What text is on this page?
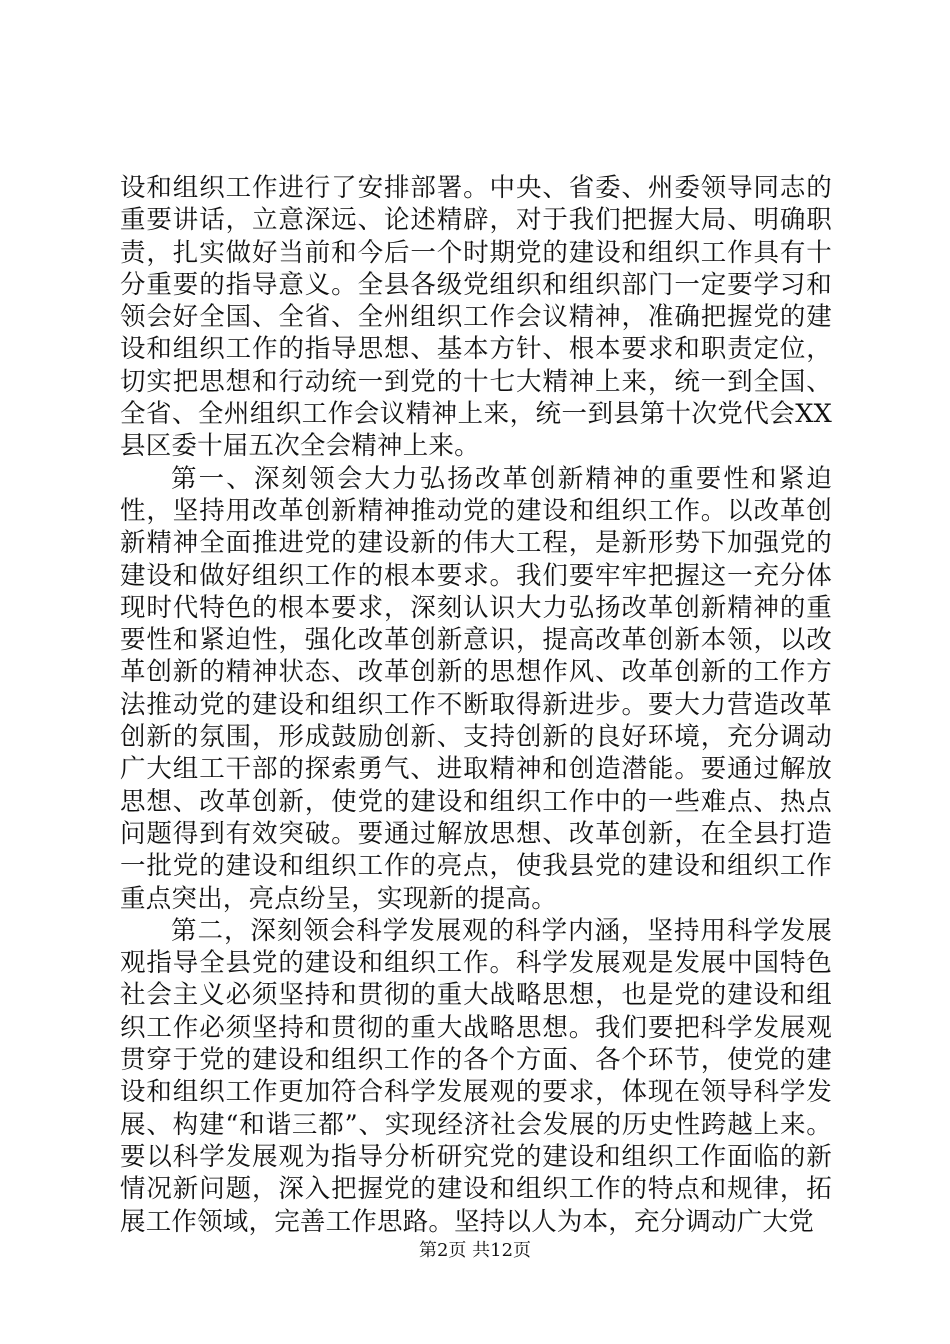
设和组织工作进行了安排部署。中央、省委、州委领导同志的重要讲话，立意深远、论述精辟，对于我们把握大局、明确职责，扎实做好当前和今后一个时期党的建设和组织工作具有十分重要的指导意义。全县各级党组织和组织部门一定要学习和领会好全国、全省、全州组织工作会议精神，准确把握党的建设和组织工作的指导思想、基本方针、根本要求和职责定位，切实把思想和行动统一到党的十七大精神上来，统一到全国、全省、全州组织工作会议精神上来，统一到县第十次党代会XX县区委十届五次全会精神上来。

第一、深刻领会大力弘扬改革创新精神的重要性和紧迫性，坚持用改革创新精神推动党的建设和组织工作。以改革创新精神全面推进党的建设新的伟大工程，是新形势下加强党的建设和做好组织工作的根本要求。我们要牢牢把握这一充分体现时代特色的根本要求，深刻认识大力弘扬改革创新精神的重要性和紧迫性，强化改革创新意识，提高改革创新本领，以改革创新的精神状态、改革创新的思想作风、改革创新的工作方法推动党的建设和组织工作不断取得新进步。要大力营造改革创新的氛围，形成鼓励创新、支持创新的良好环境，充分调动广大组工干部的探索勇气、进取精神和创造潜能。要通过解放思想、改革创新，使党的建设和组织工作中的一些难点、热点问题得到有效突破。要通过解放思想、改革创新，在全县打造一批党的建设和组织工作的亮点，使我县党的建设和组织工作重点突出，亮点纷呈，实现新的提高。

第二，深刻领会科学发展观的科学内涵，坚持用科学发展观指导全县党的建设和组织工作。科学发展观是发展中国特色社会主义必须坚持和贯彻的重大战略思想，也是党的建设和组织工作必须坚持和贯彻的重大战略思想。我们要把科学发展观贯穿于党的建设和组织工作的各个方面、各个环节，使党的建设和组织工作更加符合科学发展观的要求，体现在领导科学发展、构建“和谐三都”、实现经济社会发展的历史性跨越上来。要以科学发展观为指导分析研究党的建设和组织工作面临的新情况新问题，深入把握党的建设和组织工作的特点和规律，拓展工作领域，完善工作思路。坚持以人为本，充分调动广大党

第2页 共12页
